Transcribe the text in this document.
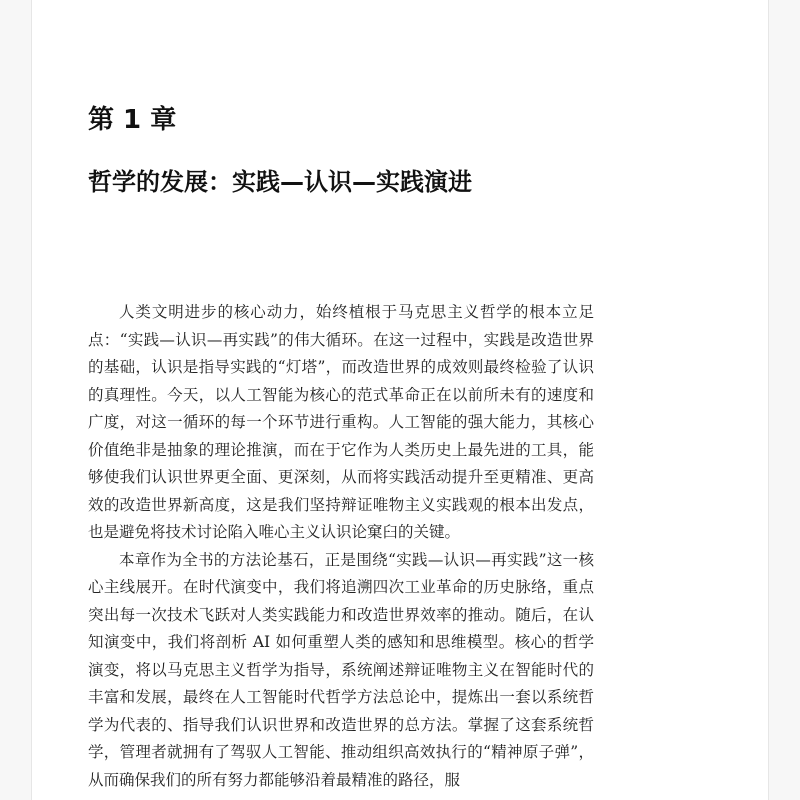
第 1 章
哲学的发展：实践—认识—实践演进

人类文明进步的核心动力，始终植根于马克思主义哲学的根本立足点：“实践—认识—再实践”的伟大循环。在这一过程中，实践是改造世界的基础，认识是指导实践的“灯塔”，而改造世界的成效则最终检验了认识的真理性。今天，以人工智能为核心的范式革命正在以前所未有的速度和广度，对这一循环的每一个环节进行重构。人工智能的强大能力，其核心价值绝非是抽象的理论推演，而在于它作为人类历史上最先进的工具，能够使我们认识世界更全面、更深刻，从而将实践活动提升至更精准、更高效的改造世界新高度，这是我们坚持辩证唯物主义实践观的根本出发点，也是避免将技术讨论陷入唯心主义认识论窠臼的关键。

本章作为全书的方法论基石，正是围绕“实践—认识—再实践”这一核心主线展开。在时代演变中，我们将追溯四次工业革命的历史脉络，重点突出每一次技术飞跃对人类实践能力和改造世界效率的推动。随后，在认知演变中，我们将剖析 AI 如何重塑人类的感知和思维模型。核心的哲学演变，将以马克思主义哲学为指导，系统阐述辩证唯物主义在智能时代的丰富和发展，最终在人工智能时代哲学方法总论中，提炼出一套以系统哲学为代表的、指导我们认识世界和改造世界的总方法。掌握了这套系统哲学，管理者就拥有了驾驭人工智能、推动组织高效执行的“精神原子弹”，从而确保我们的所有努力都能够沿着最精准的路径，服
